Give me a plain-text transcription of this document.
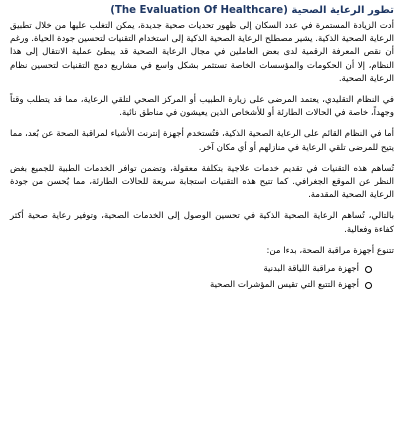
تطور الرعاية الصحية (The Evaluation Of Healthcare)

أدت الزيادة المستمرة في عدد السكان إلى ظهور تحديات صحية جديدة، يمكن التغلب عليها من خلال تطبيق الرعاية الصحية الذكية. يشير مصطلح الرعاية الصحية الذكية إلى استخدام التقنيات لتحسين جودة الحياة. ورغم أن نقص المعرفة الرقمية لدى بعض العاملين في مجال الرعاية الصحية قد يبطئ عملية الانتقال إلى هذا النظام، إلا أن الحكومات والمؤسسات الخاصة تستثمر بشكل واسع في مشاريع دمج التقنيات لتحسين نظام الرعاية الصحية.

في النظام التقليدي، يعتمد المرضى على زيارة الطبيب أو المركز الصحي لتلقي الرعاية، مما قد يتطلب وقتاً وجهداً، خاصة في الحالات الطارئة أو للأشخاص الذين يعيشون في مناطق نائية.

أما في النظام القائم على الرعاية الصحية الذكية، فتُستخدم أجهزة إنترنت الأشياء لمراقبة الصحة عن بُعد، مما يتيح للمرضى تلقي الرعاية في منازلهم أو أي مكان آخر.

تُساهم هذه التقنيات في تقديم خدمات علاجية بتكلفة معقولة، وتضمن توافر الخدمات الطبية للجميع بغض النظر عن الموقع الجغرافي. كما تتيح هذه التقنيات استجابة سريعة للحالات الطارئة، مما يُحسن من جودة الرعاية الصحية المقدمة.

بالتالي، تُساهم الرعاية الصحية الذكية في تحسين الوصول إلى الخدمات الصحية، وتوفير رعاية صحية أكثر كفاءة وفعالية.

تتنوع أجهزة مراقبة الصحة، بدءا من:

أجهزة مراقبة اللياقة البدنية
أجهزة التتبع التي تقيس المؤشرات الصحية
